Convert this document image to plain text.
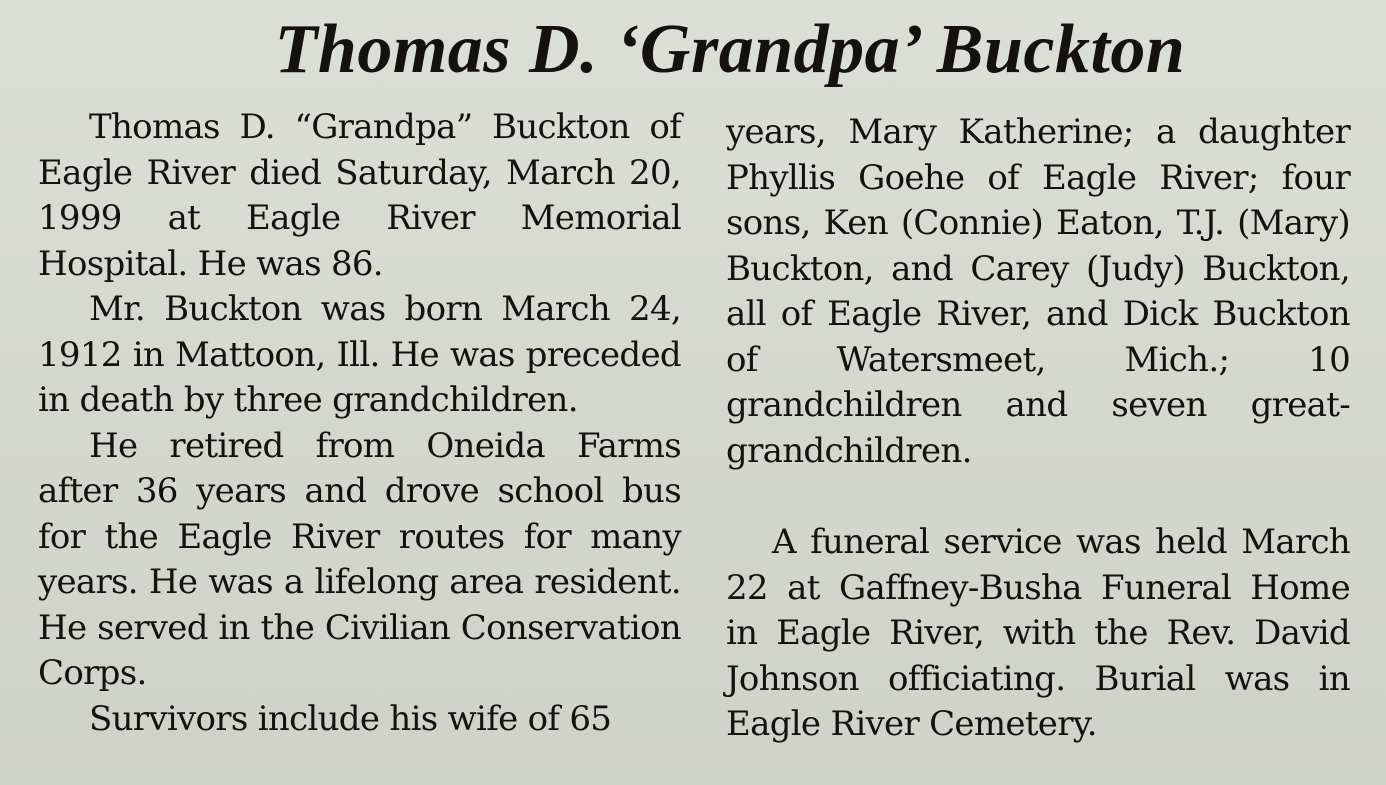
Thomas D. ‘Grandpa’ Buckton

Thomas D. “Grandpa” Buckton of Eagle River died Saturday, March 20, 1999 at Eagle River Memorial Hospital. He was 86.

Mr. Buckton was born March 24, 1912 in Mattoon, Ill. He was preceded in death by three grandchildren.

He retired from Oneida Farms after 36 years and drove school bus for the Eagle River routes for many years. He was a lifelong area resident. He served in the Civilian Conservation Corps.

Survivors include his wife of 65

years, Mary Katherine; a daughter Phyllis Goehe of Eagle River; four sons, Ken (Connie) Eaton, T.J. (Mary) Buckton, and Carey (Judy) Buckton, all of Eagle River, and Dick Buckton of Watersmeet, Mich.; 10 grandchildren and seven great-grandchildren.

A funeral service was held March 22 at Gaffney-Busha Funeral Home in Eagle River, with the Rev. David Johnson officiating. Burial was in Eagle River Cemetery.
